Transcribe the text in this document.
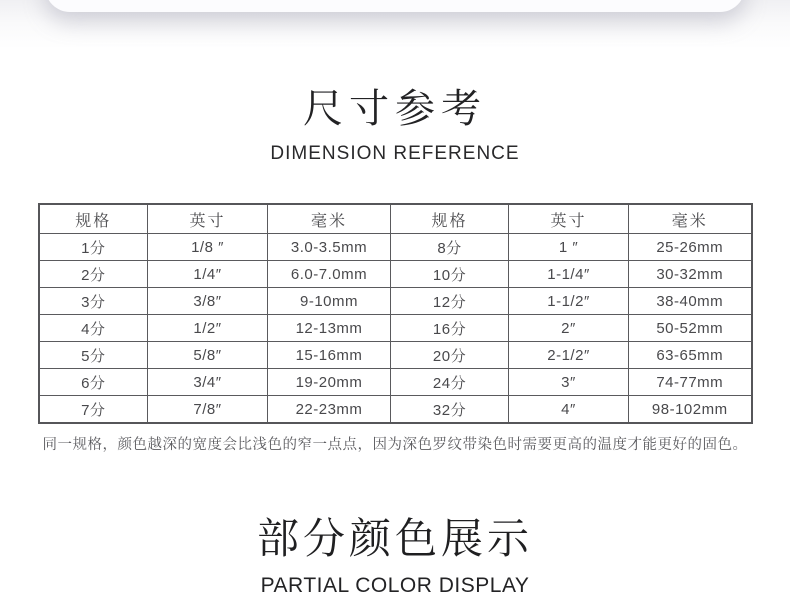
尺寸参考
DIMENSION REFERENCE
规格	英寸	毫米	规格	英寸	毫米
1分	1/8 ″	3.0-3.5mm	8分	1 ″	25-26mm
2分	1/4″	6.0-7.0mm	10分	1-1/4″	30-32mm
3分	3/8″	9-10mm	12分	1-1/2″	38-40mm
4分	1/2″	12-13mm	16分	2″	50-52mm
5分	5/8″	15-16mm	20分	2-1/2″	63-65mm
6分	3/4″	19-20mm	24分	3″	74-77mm
7分	7/8″	22-23mm	32分	4″	98-102mm
同一规格，颜色越深的宽度会比浅色的窄一点点，因为深色罗纹带染色时需要更高的温度才能更好的固色。
部分颜色展示
PARTIAL COLOR DISPLAY
